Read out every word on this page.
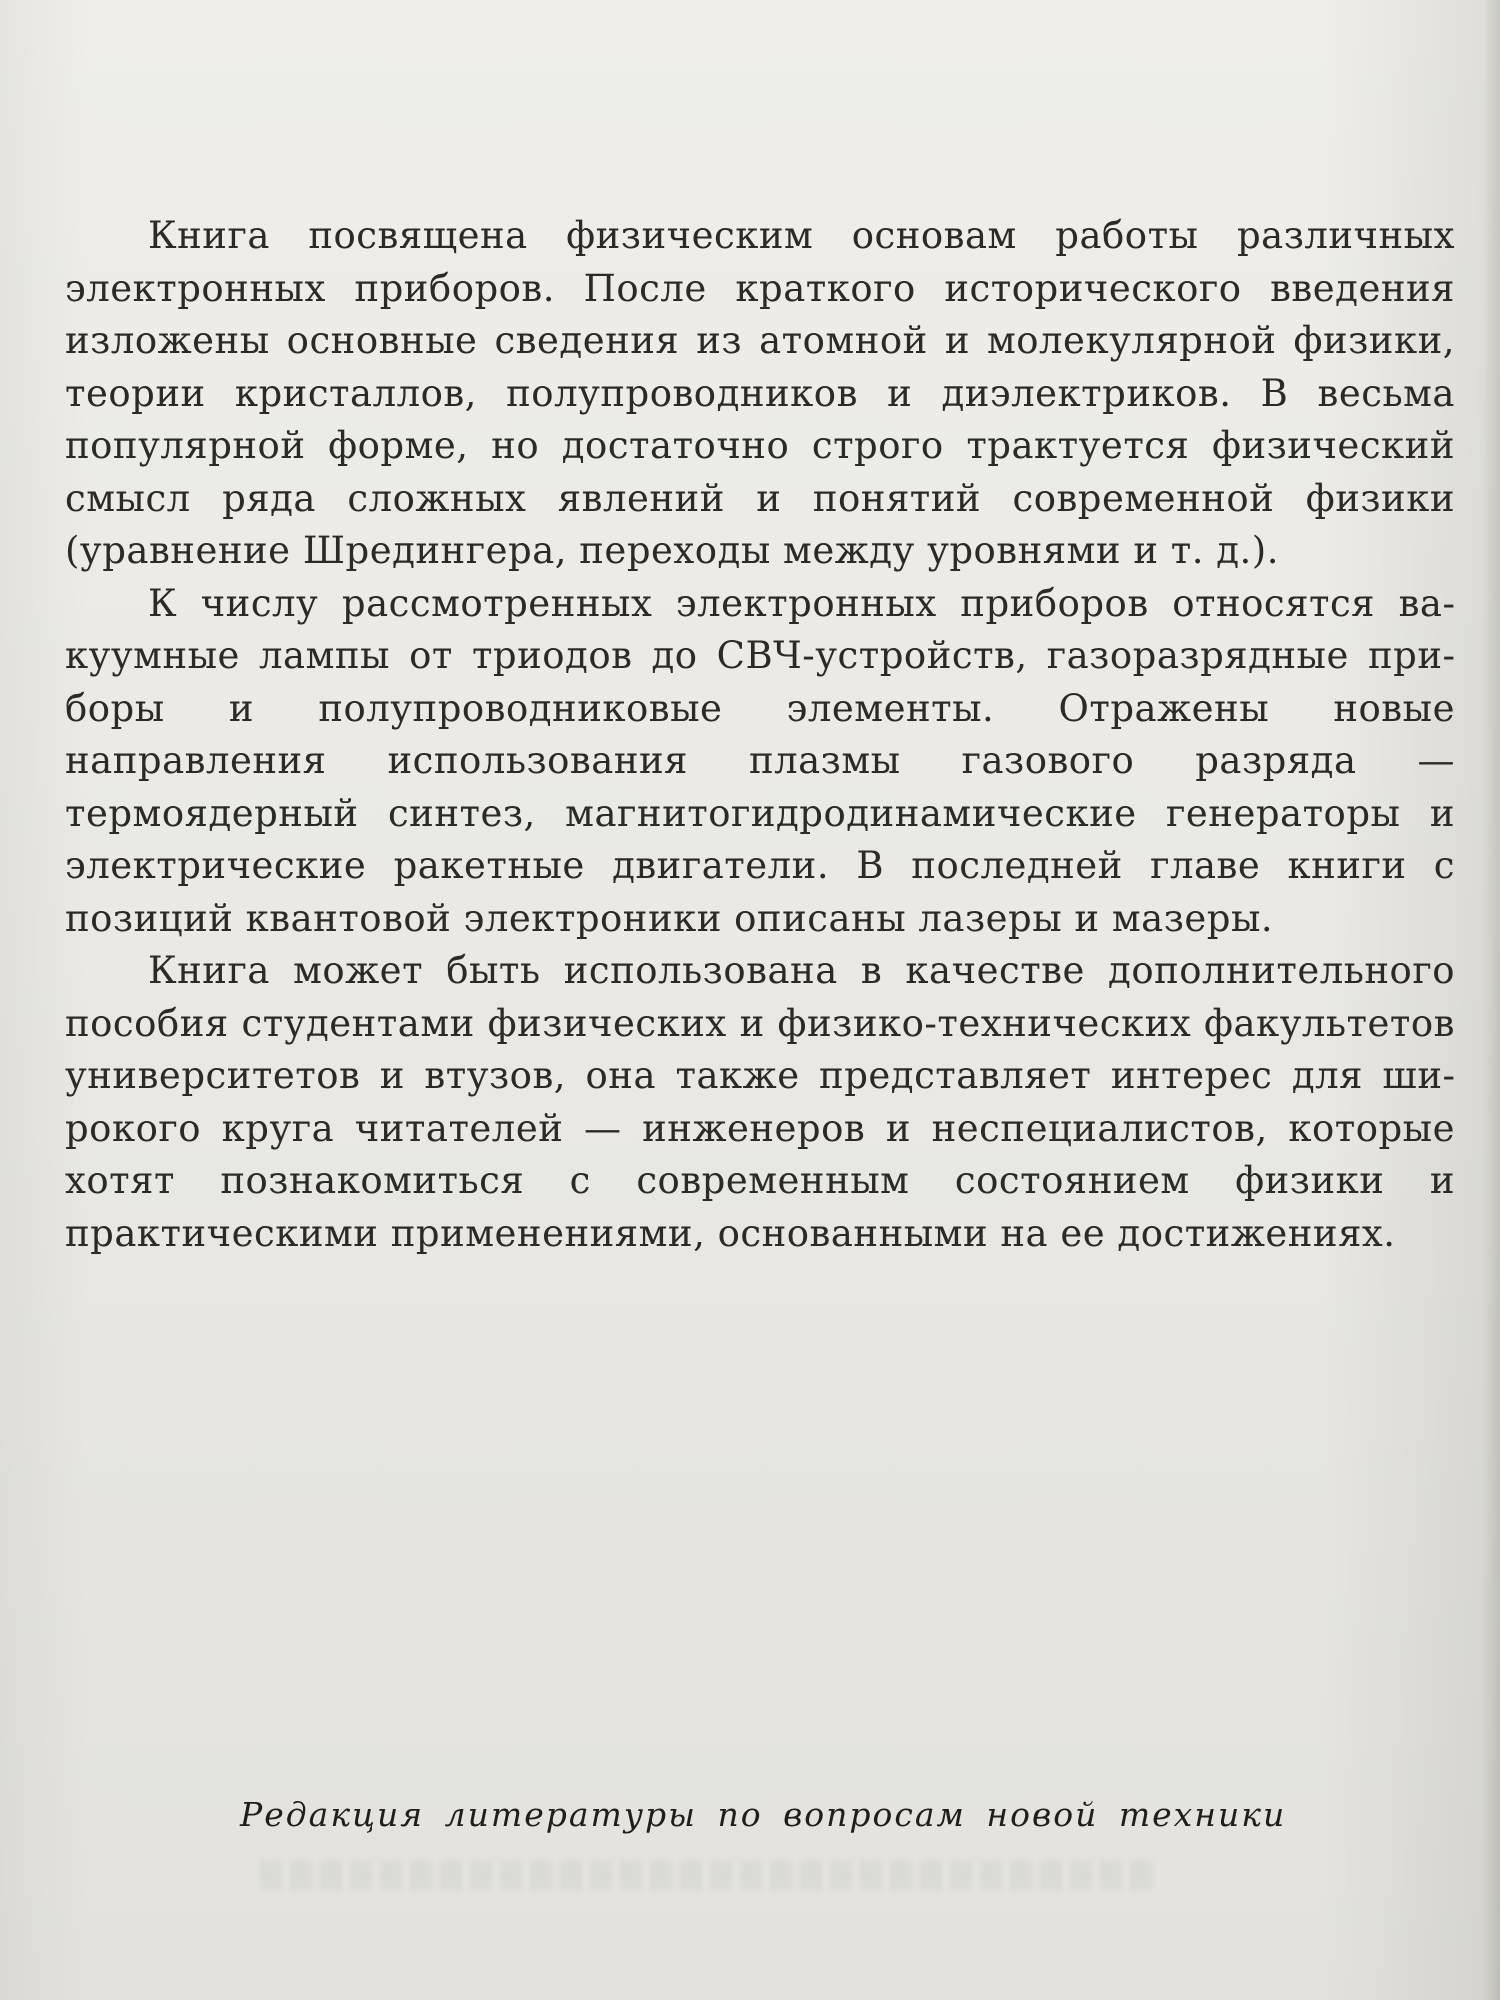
Книга посвящена физическим основам работы различных электронных приборов. После краткого исторического введения изложены основные сведения из атомной и молекулярной физики, теории кристаллов, полупроводников и диэлектриков. В весьма популярной форме, но достаточно строго трактуется физический смысл ряда сложных явлений и понятий современной физики (уравнение Шредингера, переходы между уровнями и т. д.).

К числу рассмотренных электронных приборов относятся вакуумные лампы от триодов до СВЧ-устройств, газоразрядные приборы и полупроводниковые элементы. Отражены новые направления использования плазмы газового разряда — термоядерный синтез, магнитогидродинамические генераторы и электрические ракетные двигатели. В последней главе книги с позиций квантовой электроники описаны лазеры и мазеры.

Книга может быть использована в качестве дополнительного пособия студентами физических и физико-технических факультетов университетов и втузов, она также представляет интерес для широкого круга читателей — инженеров и неспециалистов, которые хотят познакомиться с современным состоянием физики и практическими применениями, основанными на ее достижениях.

Редакция литературы по вопросам новой техники
